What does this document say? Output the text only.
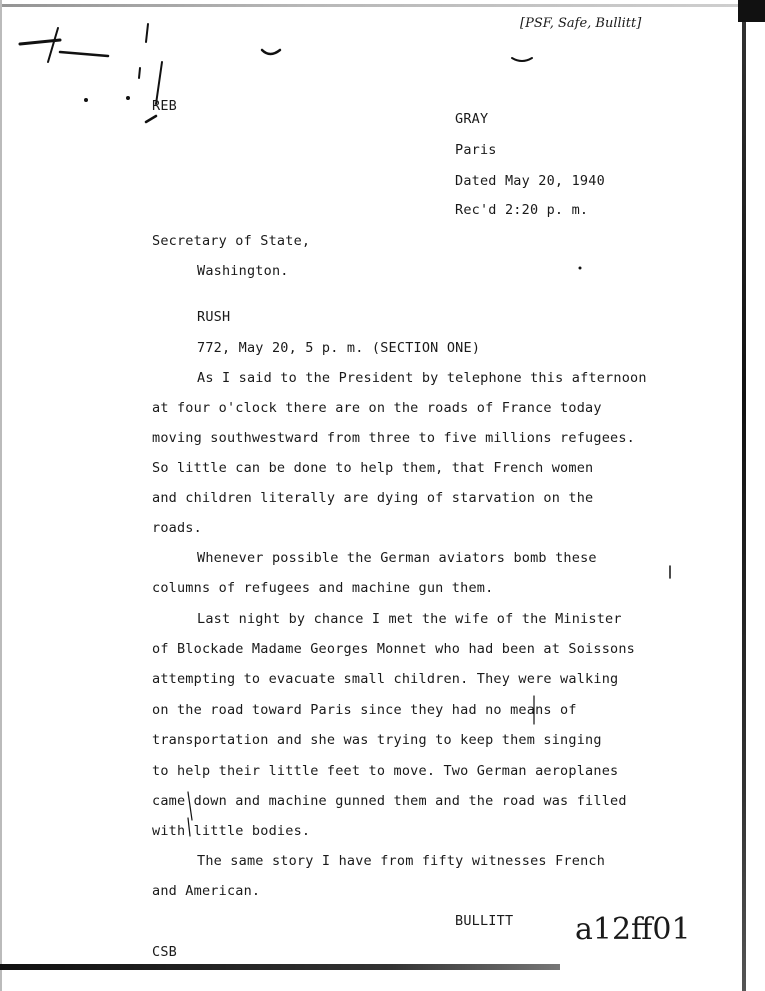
[PSF, Safe, Bullitt]
a12ff01
REB
GRAY
Paris
Dated May 20, 1940
Rec'd 2:20 p. m.
Secretary of State,
Washington.
RUSH
772, May 20, 5 p. m. (SECTION ONE)
As I said to the President by telephone this afternoon
at four o'clock there are on the roads of France today
moving southwestward from three to five millions refugees.
So little can be done to help them, that French women
and children literally are dying of starvation on the
roads.
Whenever possible the German aviators bomb these
columns of refugees and machine gun them.
Last night by chance I met the wife of the Minister
of Blockade Madame Georges Monnet who had been at Soissons
attempting to evacuate small children. They were walking
on the road toward Paris since they had no means of
transportation and she was trying to keep them singing
to help their little feet to move. Two German aeroplanes
came down and machine gunned them and the road was filled
with little bodies.
The same story I have from fifty witnesses French
and American.
BULLITT
CSB
